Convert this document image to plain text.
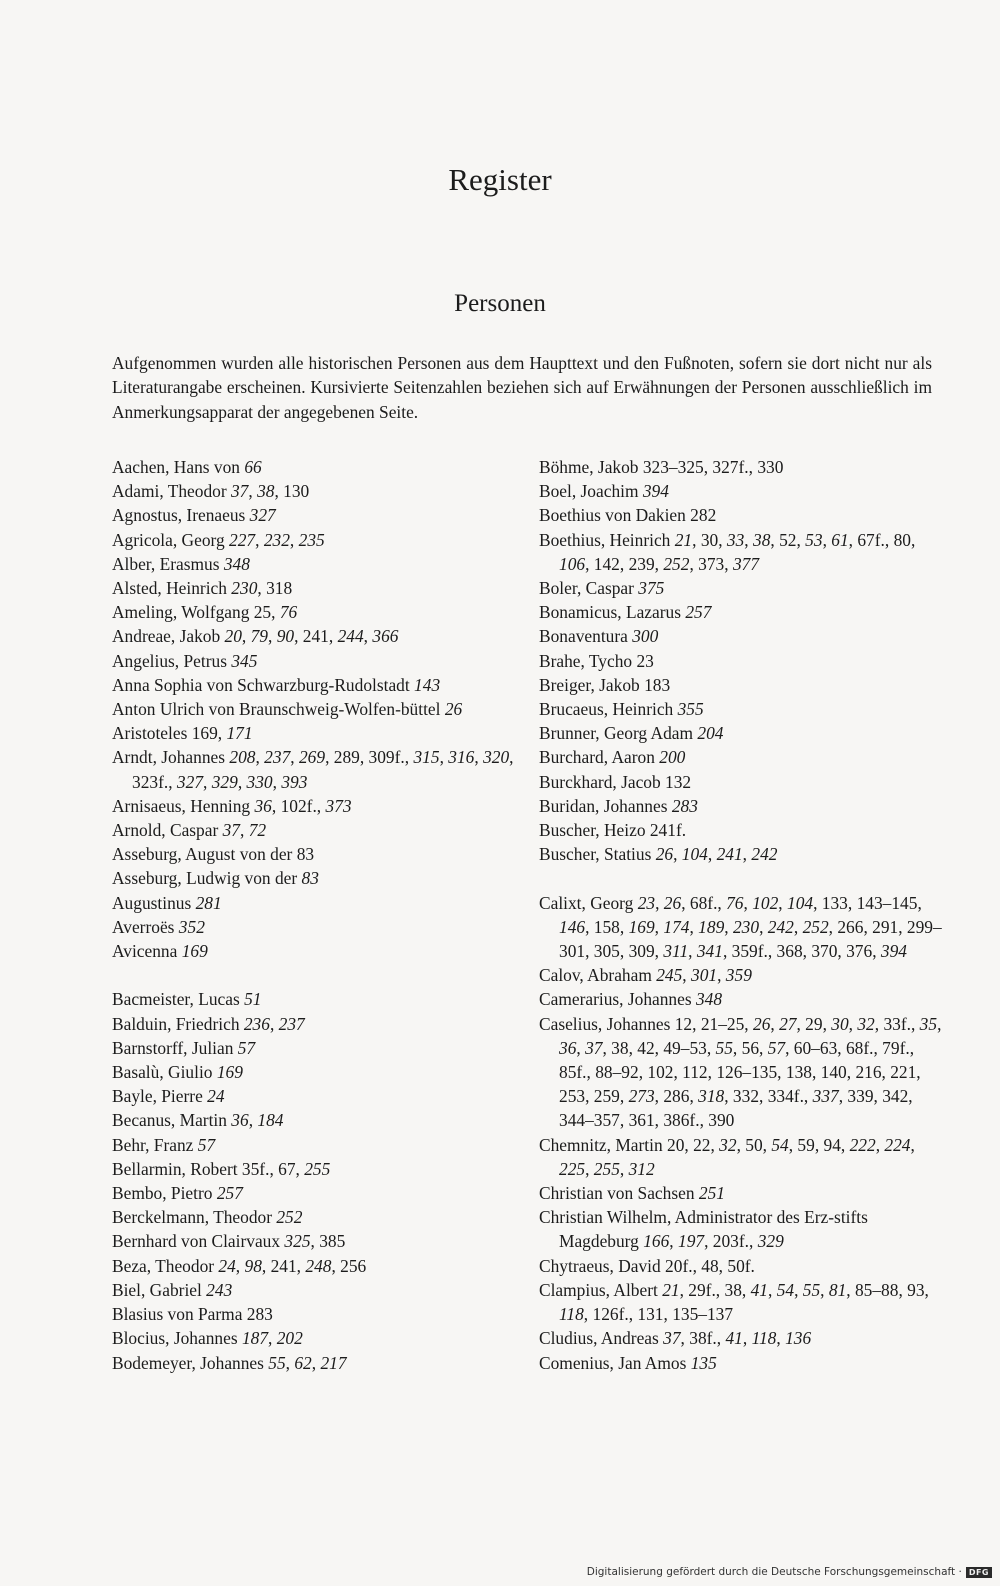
Register
Personen
Aufgenommen wurden alle historischen Personen aus dem Haupttext und den Fußnoten, sofern sie dort nicht nur als Literaturangabe erscheinen. Kursivierte Seitenzahlen beziehen sich auf Erwähnungen der Personen ausschließlich im Anmerkungsapparat der angegebenen Seite.
Aachen, Hans von 66
Adami, Theodor 37, 38, 130
Agnostus, Irenaeus 327
Agricola, Georg 227, 232, 235
Alber, Erasmus 348
Alsted, Heinrich 230, 318
Ameling, Wolfgang 25, 76
Andreae, Jakob 20, 79, 90, 241, 244, 366
Angelius, Petrus 345
Anna Sophia von Schwarzburg-Rudolstadt 143
Anton Ulrich von Braunschweig-Wolfen-büttel 26
Aristoteles 169, 171
Arndt, Johannes 208, 237, 269, 289, 309f., 315, 316, 320, 323f., 327, 329, 330, 393
Arnisaeus, Henning 36, 102f., 373
Arnold, Caspar 37, 72
Asseburg, August von der 83
Asseburg, Ludwig von der 83
Augustinus 281
Averroës 352
Avicenna 169
Bacmeister, Lucas 51
Balduin, Friedrich 236, 237
Barnstorff, Julian 57
Basalù, Giulio 169
Bayle, Pierre 24
Becanus, Martin 36, 184
Behr, Franz 57
Bellarmin, Robert 35f., 67, 255
Bembo, Pietro 257
Berckelmann, Theodor 252
Bernhard von Clairvaux 325, 385
Beza, Theodor 24, 98, 241, 248, 256
Biel, Gabriel 243
Blasius von Parma 283
Blocius, Johannes 187, 202
Bodemeyer, Johannes 55, 62, 217
Böhme, Jakob 323–325, 327f., 330
Boel, Joachim 394
Boethius von Dakien 282
Boethius, Heinrich 21, 30, 33, 38, 52, 53, 61, 67f., 80, 106, 142, 239, 252, 373, 377
Boler, Caspar 375
Bonamicus, Lazarus 257
Bonaventura 300
Brahe, Tycho 23
Breiger, Jakob 183
Brucaeus, Heinrich 355
Brunner, Georg Adam 204
Burchard, Aaron 200
Burckhard, Jacob 132
Buridan, Johannes 283
Buscher, Heizo 241f.
Buscher, Statius 26, 104, 241, 242
Calixt, Georg 23, 26, 68f., 76, 102, 104, 133, 143–145, 146, 158, 169, 174, 189, 230, 242, 252, 266, 291, 299–301, 305, 309, 311, 341, 359f., 368, 370, 376, 394
Calov, Abraham 245, 301, 359
Camerarius, Johannes 348
Caselius, Johannes 12, 21–25, 26, 27, 29, 30, 32, 33f., 35, 36, 37, 38, 42, 49–53, 55, 56, 57, 60–63, 68f., 79f., 85f., 88–92, 102, 112, 126–135, 138, 140, 216, 221, 253, 259, 273, 286, 318, 332, 334f., 337, 339, 342, 344–357, 361, 386f., 390
Chemnitz, Martin 20, 22, 32, 50, 54, 59, 94, 222, 224, 225, 255, 312
Christian von Sachsen 251
Christian Wilhelm, Administrator des Erz-stifts Magdeburg 166, 197, 203f., 329
Chytraeus, David 20f., 48, 50f.
Clampius, Albert 21, 29f., 38, 41, 54, 55, 81, 85–88, 93, 118, 126f., 131, 135–137
Cludius, Andreas 37, 38f., 41, 118, 136
Comenius, Jan Amos 135
Digitalisierung gefördert durch die Deutsche Forschungsgemeinschaft · DFG
